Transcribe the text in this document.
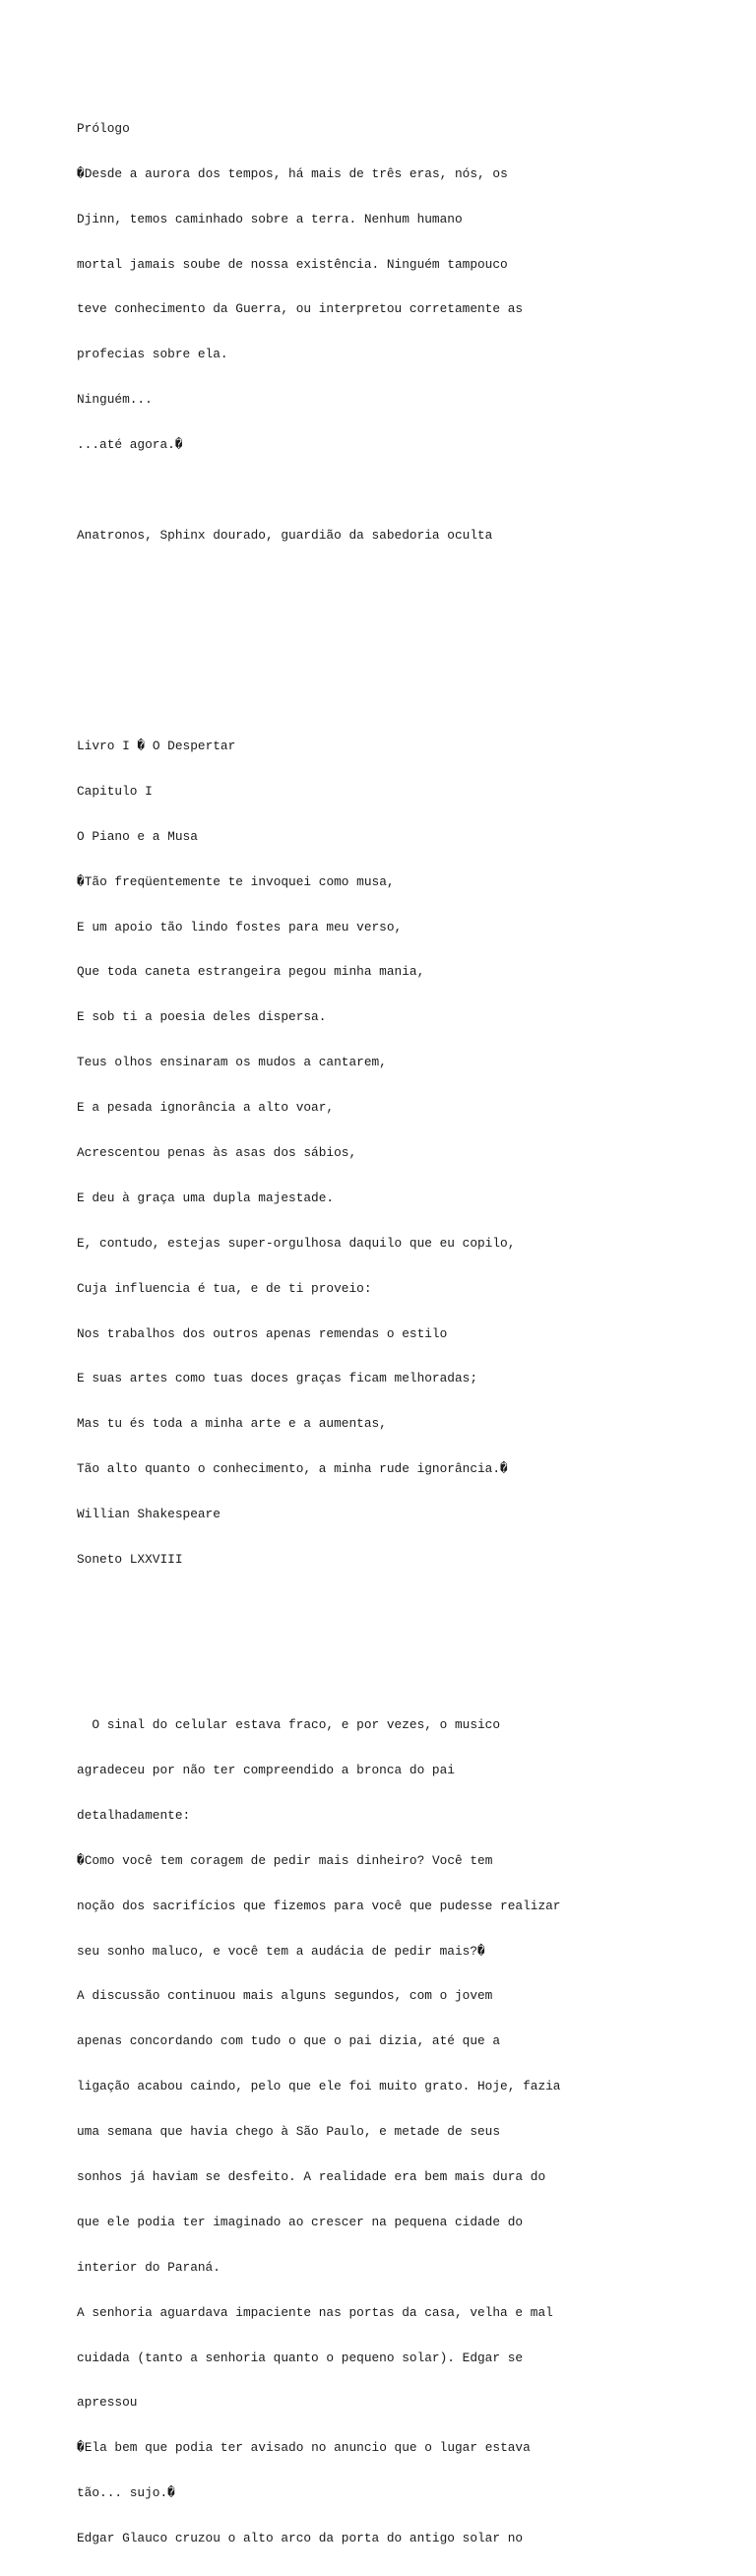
Prólogo

�Desde a aurora dos tempos, há mais de três eras, nós, os

Djinn, temos caminhado sobre a terra. Nenhum humano

mortal jamais soube de nossa existência. Ninguém tampouco

teve conhecimento da Guerra, ou interpretou corretamente as

profecias sobre ela.

Ninguém...

...até agora.�

Anatronos, Sphinx dourado, guardião da sabedoria oculta

Livro I � O Despertar

Capitulo I

O Piano e a Musa

�Tão freqüentemente te invoquei como musa,

E um apoio tão lindo fostes para meu verso,

Que toda caneta estrangeira pegou minha mania,

E sob ti a poesia deles dispersa.

Teus olhos ensinaram os mudos a cantarem,

E a pesada ignorância a alto voar,

Acrescentou penas às asas dos sábios,

E deu à graça uma dupla majestade.

E, contudo, estejas super-orgulhosa daquilo que eu copilo,

Cuja influencia é tua, e de ti proveio:

Nos trabalhos dos outros apenas remendas o estilo

E suas artes como tuas doces graças ficam melhoradas;

Mas tu és toda a minha arte e a aumentas,

Tão alto quanto o conhecimento, a minha rude ignorância.�

Willian Shakespeare

Soneto LXXVIII

O sinal do celular estava fraco, e por vezes, o musico

agradeceu por não ter compreendido a bronca do pai

detalhadamente:

�Como você tem coragem de pedir mais dinheiro? Você tem

noção dos sacrifícios que fizemos para você que pudesse realizar

seu sonho maluco, e você tem a audácia de pedir mais?�

A discussão continuou mais alguns segundos, com o jovem

apenas concordando com tudo o que o pai dizia, até que a

ligação acabou caindo, pelo que ele foi muito grato. Hoje, fazia

uma semana que havia chego à São Paulo, e metade de seus

sonhos já haviam se desfeito. A realidade era bem mais dura do

que ele podia ter imaginado ao crescer na pequena cidade do

interior do Paraná.

A senhoria aguardava impaciente nas portas da casa, velha e mal

cuidada (tanto a senhoria quanto o pequeno solar). Edgar se

apressou

�Ela bem que podia ter avisado no anuncio que o lugar estava

tão... sujo.�

Edgar Glauco cruzou o alto arco da porta do antigo solar no
